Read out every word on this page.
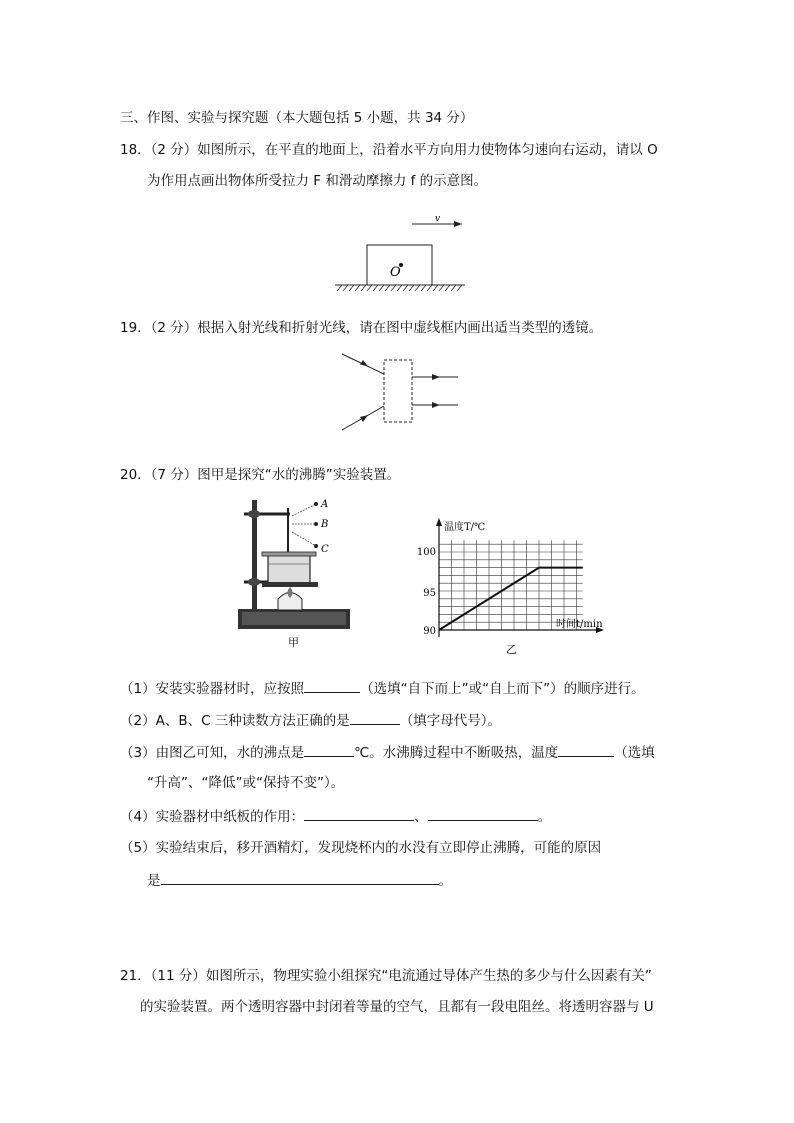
三、作图、实验与探究题（本大题包括 5 小题，共 34 分）
18．（2 分）如图所示，在平直的地面上，沿着水平方向用力使物体匀速向右运动，请以 O
为作用点画出物体所受拉力 F 和滑动摩擦力 f 的示意图。
v
O
19．（2 分）根据入射光线和折射光线，请在图中虚线框内画出适当类型的透镜。
20．（7 分）图甲是探究“水的沸腾”实验装置。
A
B
C
甲
温度T/℃
时间t/min
90
95
100
乙
（1）安装实验器材时，应按照	（选填“自下而上”或“自上而下”）的顺序进行。
（2）A、B、C 三种读数方法正确的是	（填字母代号）。
（3）由图乙可知，水的沸点是	℃。水沸腾过程中不断吸热，温度	（选填
“升高”、“降低”或“保持不变”）。
（4）实验器材中纸板的作用：	、	。
（5）实验结束后，移开酒精灯，发现烧杯内的水没有立即停止沸腾，可能的原因
是	。
21．（11 分）如图所示，物理实验小组探究“电流通过导体产生热的多少与什么因素有关”
的实验装置。两个透明容器中封闭着等量的空气，且都有一段电阻丝。将透明容器与 U
